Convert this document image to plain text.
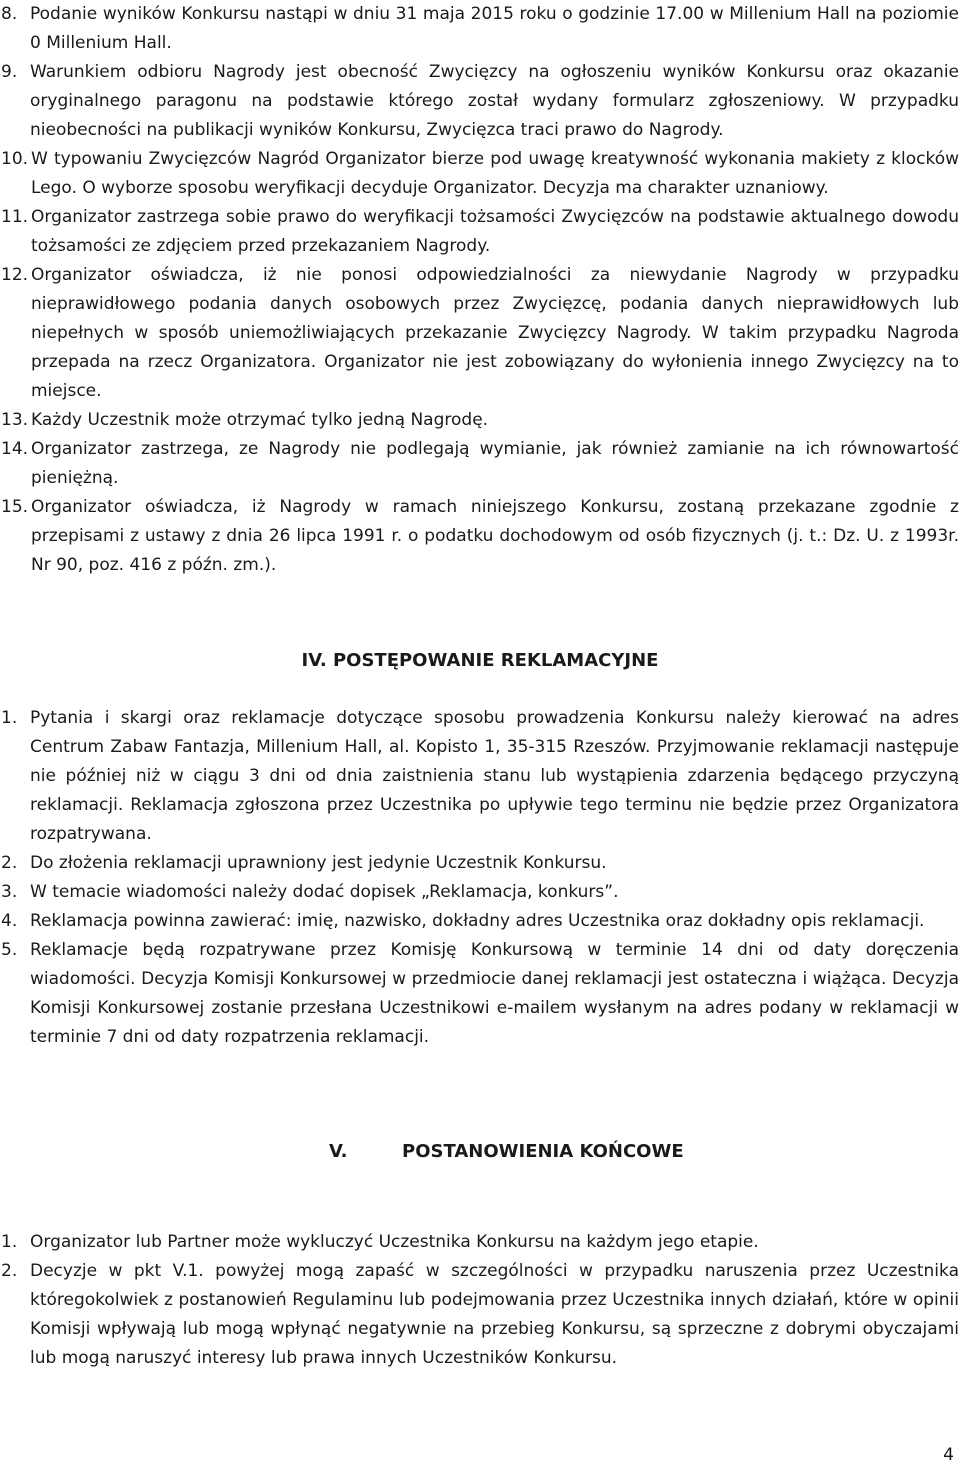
8. Podanie wyników Konkursu nastąpi w dniu 31 maja 2015 roku o godzinie 17.00 w Millenium Hall na poziomie 0 Millenium Hall.
9. Warunkiem odbioru Nagrody jest obecność Zwycięzcy na ogłoszeniu wyników Konkursu oraz okazanie oryginalnego paragonu na podstawie którego został wydany formularz zgłoszeniowy. W przypadku nieobecności na publikacji wyników Konkursu, Zwycięzca traci prawo do Nagrody.
10. W typowaniu Zwycięzców Nagród Organizator bierze pod uwagę kreatywność wykonania makiety z klocków Lego. O wyborze sposobu weryfikacji decyduje Organizator. Decyzja ma charakter uznaniowy.
11. Organizator zastrzega sobie prawo do weryfikacji tożsamości Zwycięzców na podstawie aktualnego dowodu tożsamości ze zdjęciem przed przekazaniem Nagrody.
12. Organizator oświadcza, iż nie ponosi odpowiedzialności za niewydanie Nagrody w przypadku nieprawidłowego podania danych osobowych przez Zwycięzcę, podania danych nieprawidłowych lub niepełnych w sposób uniemożliwiających przekazanie Zwycięzcy Nagrody. W takim przypadku Nagroda przepada na rzecz Organizatora. Organizator nie jest zobowiązany do wyłonienia innego Zwycięzcy na to miejsce.
13. Każdy Uczestnik może otrzymać tylko jedną Nagrodę.
14. Organizator zastrzega, ze Nagrody nie podlegają wymianie, jak również zamianie na ich równowartość pieniężną.
15. Organizator oświadcza, iż Nagrody w ramach niniejszego Konkursu, zostaną przekazane zgodnie z przepisami z ustawy z dnia 26 lipca 1991 r. o podatku dochodowym od osób fizycznych (j. t.: Dz. U. z 1993r. Nr 90, poz. 416 z późn. zm.).
IV. POSTĘPOWANIE REKLAMACYJNE
1. Pytania i skargi oraz reklamacje dotyczące sposobu prowadzenia Konkursu należy kierować na adres Centrum Zabaw Fantazja, Millenium Hall, al. Kopisto 1, 35-315 Rzeszów. Przyjmowanie reklamacji następuje nie później niż w ciągu 3 dni od dnia zaistnienia stanu lub wystąpienia zdarzenia będącego przyczyną reklamacji. Reklamacja zgłoszona przez Uczestnika po upływie tego terminu nie będzie przez Organizatora rozpatrywana.
2. Do złożenia reklamacji uprawniony jest jedynie Uczestnik Konkursu.
3. W temacie wiadomości należy dodać dopisek „Reklamacja, konkurs”.
4. Reklamacja powinna zawierać: imię, nazwisko, dokładny adres Uczestnika oraz dokładny opis reklamacji.
5. Reklamacje będą rozpatrywane przez Komisję Konkursową w terminie 14 dni od daty doręczenia wiadomości. Decyzja Komisji Konkursowej w przedmiocie danej reklamacji jest ostateczna i wiążąca. Decyzja Komisji Konkursowej zostanie przesłana Uczestnikowi e-mailem wysłanym na adres podany w reklamacji w terminie 7 dni od daty rozpatrzenia reklamacji.
V.	POSTANOWIENIA KOŃCOWE
1. Organizator lub Partner może wykluczyć Uczestnika Konkursu na każdym jego etapie.
2. Decyzje w pkt V.1. powyżej mogą zapaść w szczególności w przypadku naruszenia przez Uczestnika któregokolwiek z postanowień Regulaminu lub podejmowania przez Uczestnika innych działań, które w opinii Komisji wpływają lub mogą wpłynąć negatywnie na przebieg Konkursu, są sprzeczne z dobrymi obyczajami lub mogą naruszyć interesy lub prawa innych Uczestników Konkursu.
4
